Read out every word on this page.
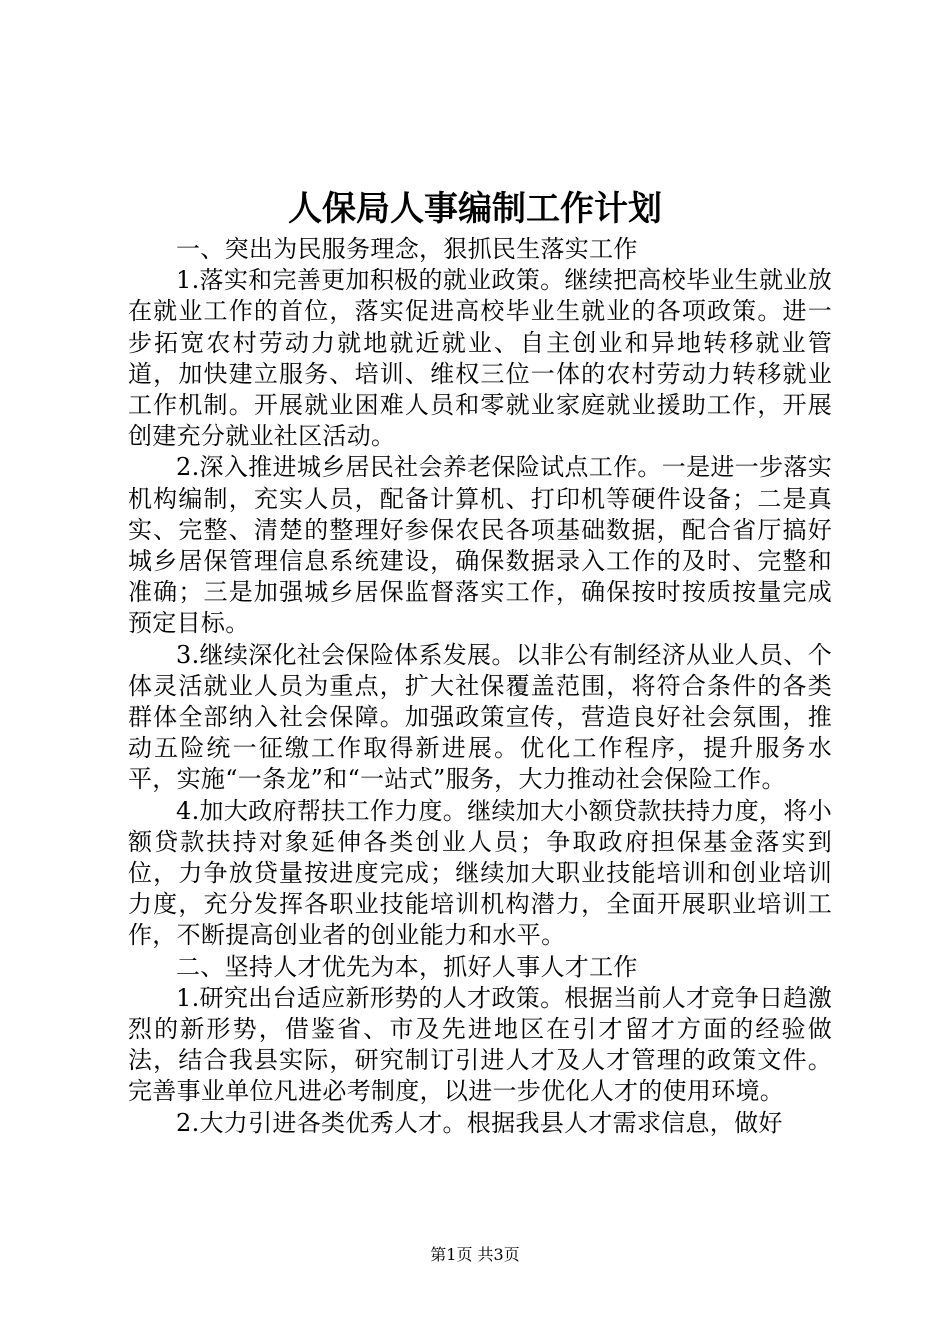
人保局人事编制工作计划

一、突出为民服务理念，狠抓民生落实工作

1.落实和完善更加积极的就业政策。继续把高校毕业生就业放在就业工作的首位，落实促进高校毕业生就业的各项政策。进一步拓宽农村劳动力就地就近就业、自主创业和异地转移就业管道，加快建立服务、培训、维权三位一体的农村劳动力转移就业工作机制。开展就业困难人员和零就业家庭就业援助工作，开展创建充分就业社区活动。

2.深入推进城乡居民社会养老保险试点工作。一是进一步落实机构编制，充实人员，配备计算机、打印机等硬件设备；二是真实、完整、清楚的整理好参保农民各项基础数据，配合省厅搞好城乡居保管理信息系统建设，确保数据录入工作的及时、完整和准确；三是加强城乡居保监督落实工作，确保按时按质按量完成预定目标。

3.继续深化社会保险体系发展。以非公有制经济从业人员、个体灵活就业人员为重点，扩大社保覆盖范围，将符合条件的各类群体全部纳入社会保障。加强政策宣传，营造良好社会氛围，推动五险统一征缴工作取得新进展。优化工作程序，提升服务水平，实施“一条龙”和“一站式”服务，大力推动社会保险工作。

4.加大政府帮扶工作力度。继续加大小额贷款扶持力度，将小额贷款扶持对象延伸各类创业人员；争取政府担保基金落实到位，力争放贷量按进度完成；继续加大职业技能培训和创业培训力度，充分发挥各职业技能培训机构潜力，全面开展职业培训工作，不断提高创业者的创业能力和水平。

二、坚持人才优先为本，抓好人事人才工作

1.研究出台适应新形势的人才政策。根据当前人才竞争日趋激烈的新形势，借鉴省、市及先进地区在引才留才方面的经验做法，结合我县实际，研究制订引进人才及人才管理的政策文件。完善事业单位凡进必考制度，以进一步优化人才的使用环境。

2.大力引进各类优秀人才。根据我县人才需求信息，做好

第1页 共3页
